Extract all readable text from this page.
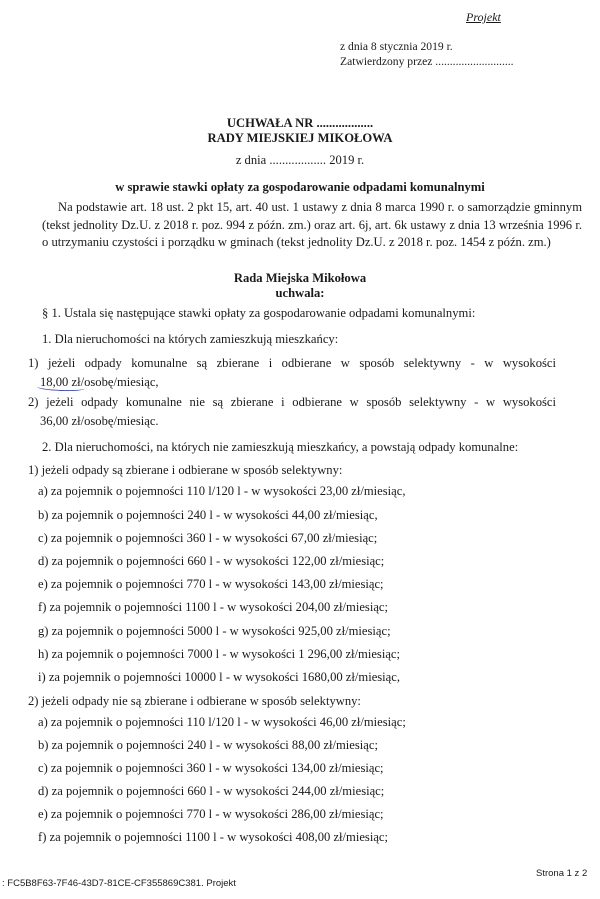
Projekt
z dnia 8 stycznia 2019 r.
Zatwierdzony przez ...........................
UCHWAŁA NR ..................
RADY MIEJSKIEJ MIKOŁOWA
z dnia .................. 2019 r.
w sprawie stawki opłaty za gospodarowanie odpadami komunalnymi
Na podstawie art. 18 ust. 2 pkt 15, art. 40 ust. 1 ustawy z dnia 8 marca 1990 r. o samorządzie gminnym (tekst jednolity Dz.U. z 2018 r. poz. 994 z późn. zm.) oraz art. 6j, art. 6k ustawy z dnia 13 września 1996 r. o utrzymaniu czystości i porządku w gminach (tekst jednolity Dz.U. z 2018 r. poz. 1454 z późn. zm.)
Rada Miejska Mikołowa
uchwala:
§ 1. Ustala się następujące stawki opłaty za gospodarowanie odpadami komunalnymi:
1. Dla nieruchomości na których zamieszkują mieszkańcy:
1) jeżeli odpady komunalne są zbierane i odbierane w sposób selektywny - w wysokości
18,00 zł/osobę/miesiąc,
2) jeżeli odpady komunalne nie są zbierane i odbierane w sposób selektywny - w wysokości
36,00 zł/osobę/miesiąc.
2. Dla nieruchomości, na których nie zamieszkują mieszkańcy, a powstają odpady komunalne:
1) jeżeli odpady są zbierane i odbierane w sposób selektywny:
a) za pojemnik o pojemności 110 l/120 l - w wysokości 23,00 zł/miesiąc,
b) za pojemnik o pojemności 240 l - w wysokości 44,00 zł/miesiąc,
c) za pojemnik o pojemności 360 l - w wysokości 67,00 zł/miesiąc;
d) za pojemnik o pojemności 660 l - w wysokości 122,00 zł/miesiąc;
e) za pojemnik o pojemności 770 l - w wysokości 143,00 zł/miesiąc;
f) za pojemnik o pojemności 1100 l - w wysokości 204,00 zł/miesiąc;
g) za pojemnik o pojemności 5000 l - w wysokości 925,00 zł/miesiąc;
h) za pojemnik o pojemności 7000 l - w wysokości 1 296,00 zł/miesiąc;
i) za pojemnik o pojemności 10000 l - w wysokości 1680,00 zł/miesiąc,
2) jeżeli odpady nie są zbierane i odbierane w sposób selektywny:
a) za pojemnik o pojemności 110 l/120 l - w wysokości 46,00 zł/miesiąc;
b) za pojemnik o pojemności 240 l - w wysokości 88,00 zł/miesiąc;
c) za pojemnik o pojemności 360 l - w wysokości 134,00 zł/miesiąc;
d) za pojemnik o pojemności 660 l - w wysokości 244,00 zł/miesiąc;
e) za pojemnik o pojemności 770 l - w wysokości 286,00 zł/miesiąc;
f) za pojemnik o pojemności 1100 l - w wysokości 408,00 zł/miesiąc;
: FC5B8F63-7F46-43D7-81CE-CF355869C381. Projekt
Strona 1 z 2
